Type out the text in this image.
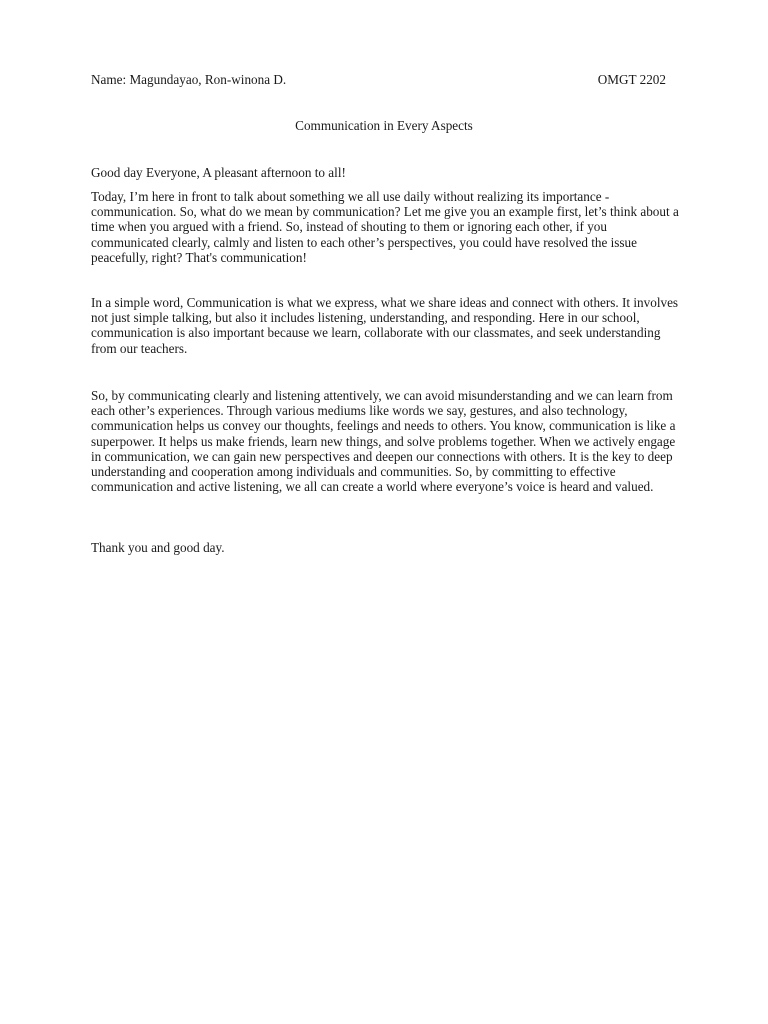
Name: Magundayao, Ron-winona D.	OMGT 2202
Communication in Every Aspects

Good day Everyone, A pleasant afternoon to all!

Today, I’m here in front to talk about something we all use daily without realizing its importance - communication. So, what do we mean by communication? Let me give you an example first, let’s think about a time when you argued with a friend. So, instead of shouting to them or ignoring each other, if you communicated clearly, calmly and listen to each other’s perspectives, you could have resolved the issue peacefully, right? That's communication!

In a simple word, Communication is what we express, what we share ideas and connect with others. It involves not just simple talking, but also it includes listening, understanding, and responding. Here in our school, communication is also important because we learn, collaborate with our classmates, and seek understanding from our teachers.

So, by communicating clearly and listening attentively, we can avoid misunderstanding and we can learn from each other’s experiences. Through various mediums like words we say, gestures, and also technology, communication helps us convey our thoughts, feelings and needs to others. You know, communication is like a superpower. It helps us make friends, learn new things, and solve problems together. When we actively engage in communication, we can gain new perspectives and deepen our connections with others. It is the key to deep understanding and cooperation among individuals and communities. So, by committing to effective communication and active listening, we all can create a world where everyone’s voice is heard and valued.

Thank you and good day.
